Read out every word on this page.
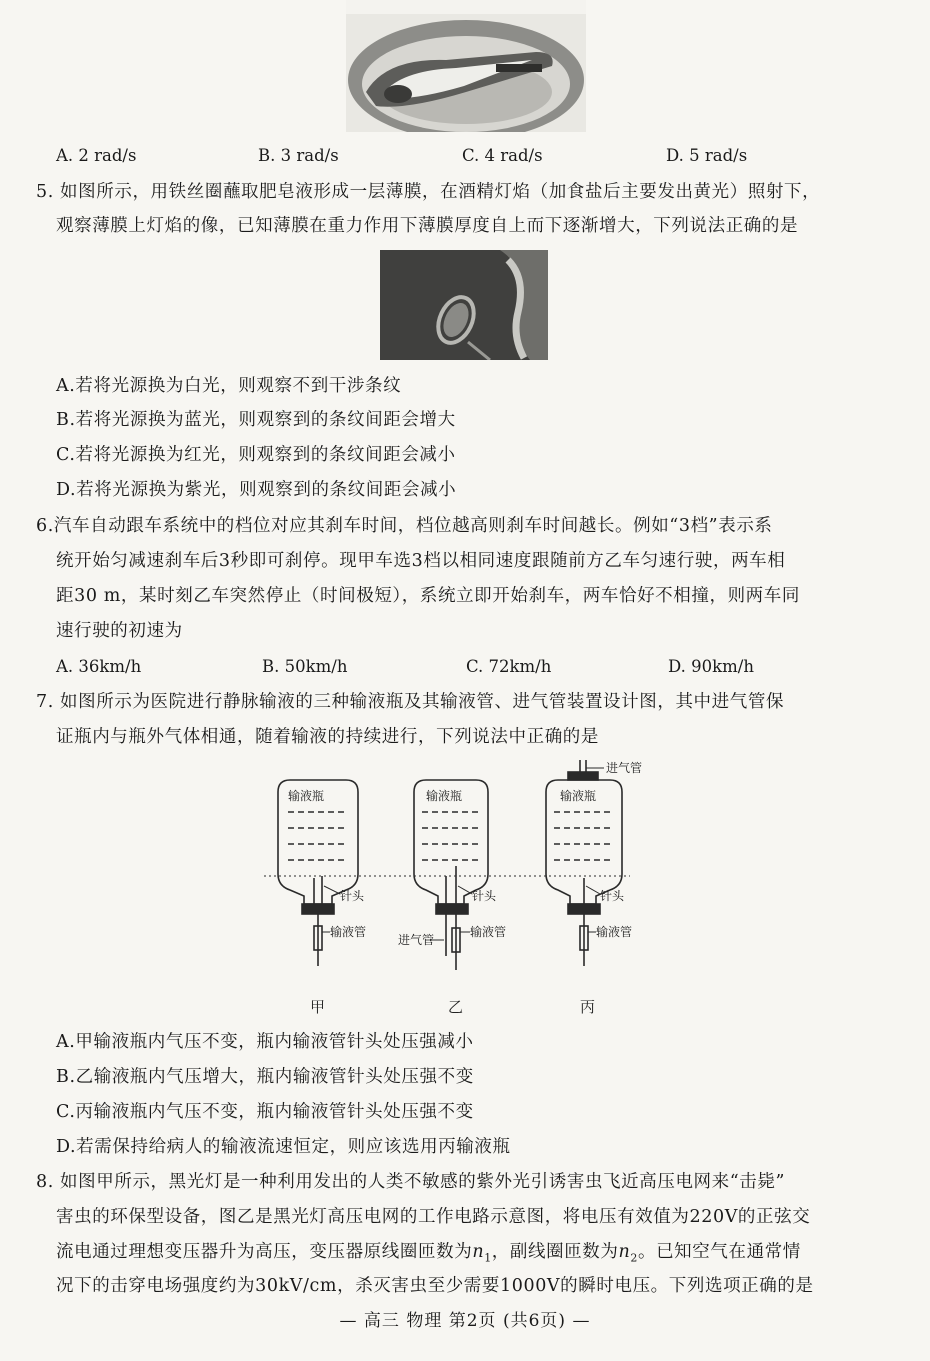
A. 2 rad/s	B. 3 rad/s	C. 4 rad/s	D. 5 rad/s
5. 如图所示，用铁丝圈蘸取肥皂液形成一层薄膜，在酒精灯焰（加食盐后主要发出黄光）照射下，
观察薄膜上灯焰的像，已知薄膜在重力作用下薄膜厚度自上而下逐渐增大，下列说法正确的是
A.若将光源换为白光，则观察不到干涉条纹
B.若将光源换为蓝光，则观察到的条纹间距会增大
C.若将光源换为红光，则观察到的条纹间距会减小
D.若将光源换为紫光，则观察到的条纹间距会减小
6.汽车自动跟车系统中的档位对应其刹车时间，档位越高则刹车时间越长。例如“3档”表示系
统开始匀减速刹车后3秒即可刹停。现甲车选3档以相同速度跟随前方乙车匀速行驶，两车相
距30 m，某时刻乙车突然停止（时间极短），系统立即开始刹车，两车恰好不相撞，则两车同
速行驶的初速为
A. 36km/h	B. 50km/h	C. 72km/h	D. 90km/h
7. 如图所示为医院进行静脉输液的三种输液瓶及其输液管、进气管装置设计图，其中进气管保
证瓶内与瓶外气体相通，随着输液的持续进行，下列说法中正确的是
输液瓶	输液瓶	输液瓶
针头	针头	针头
输液管	输液管	输液管
进气管
进气管
甲	乙	丙
A.甲输液瓶内气压不变，瓶内输液管针头处压强减小
B.乙输液瓶内气压增大，瓶内输液管针头处压强不变
C.丙输液瓶内气压不变，瓶内输液管针头处压强不变
D.若需保持给病人的输液流速恒定，则应该选用丙输液瓶
8. 如图甲所示，黑光灯是一种利用发出的人类不敏感的紫外光引诱害虫飞近高压电网来“击毙”
害虫的环保型设备，图乙是黑光灯高压电网的工作电路示意图，将电压有效值为220V的正弦交
流电通过理想变压器升为高压，变压器原线圈匝数为$n_1$，副线圈匝数为$n_2$。已知空气在通常情
况下的击穿电场强度约为30kV/cm，杀灭害虫至少需要1000V的瞬时电压。下列选项正确的是
— 高三 物理 第2页 (共6页) —
